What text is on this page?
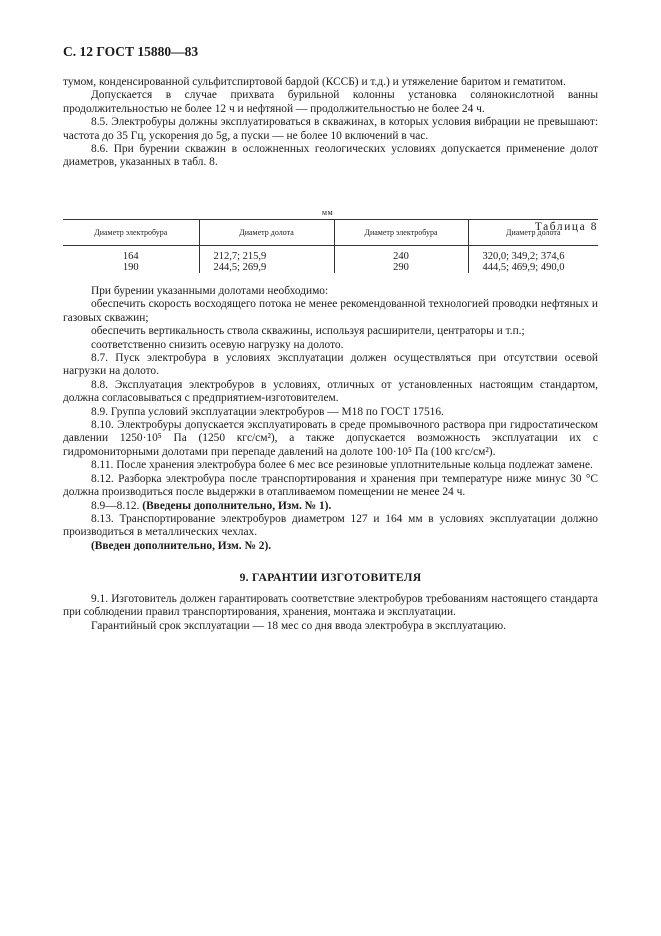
С. 12 ГОСТ 15880—83

тумом, конденсированной сульфитспиртовой бардой (КССБ) и т.д.) и утяжеление баритом и гематитом.

Допускается в случае прихвата бурильной колонны установка солянокислотной ванны продолжительностью не более 12 ч и нефтяной — продолжительностью не более 24 ч.

8.5. Электробуры должны эксплуатироваться в скважинах, в которых условия вибрации не превышают: частота до 35 Гц, ускорения до 5g, а пуски — не более 10 включений в час.

8.6. При бурении скважин в осложненных геологических условиях допускается применение долот диаметров, указанных в табл. 8.

Таблица 8
мм
Диаметр электробура	Диаметр долота	Диаметр электробура	Диаметр долота
164	212,7; 215,9	240	320,0; 349,2; 374,6
190	244,5; 269,9	290	444,5; 469,9; 490,0

При бурении указанными долотами необходимо:

обеспечить скорость восходящего потока не менее рекомендованной технологией проводки нефтяных и газовых скважин;

обеспечить вертикальность ствола скважины, используя расширители, центраторы и т.п.;

соответственно снизить осевую нагрузку на долото.

8.7. Пуск электробура в условиях эксплуатации должен осуществляться при отсутствии осевой нагрузки на долото.

8.8. Эксплуатация электробуров в условиях, отличных от установленных настоящим стандартом, должна согласовываться с предприятием-изготовителем.

8.9. Группа условий эксплуатации электробуров — М18 по ГОСТ 17516.

8.10. Электробуры допускается эксплуатировать в среде промывочного раствора при гидростатическом давлении 1250·10⁵ Па (1250 кгс/см²), а также допускается возможность эксплуатации их с гидромониторными долотами при перепаде давлений на долоте 100·10⁵ Па (100 кгс/см²).

8.11. После хранения электробура более 6 мес все резиновые уплотнительные кольца подлежат замене.

8.12. Разборка электробура после транспортирования и хранения при температуре ниже минус 30 °С должна производиться после выдержки в отапливаемом помещении не менее 24 ч.

8.9—8.12. (Введены дополнительно, Изм. № 1).

8.13. Транспортирование электробуров диаметром 127 и 164 мм в условиях эксплуатации должно производиться в металлических чехлах.

(Введен дополнительно, Изм. № 2).

9. ГАРАНТИИ ИЗГОТОВИТЕЛЯ

9.1. Изготовитель должен гарантировать соответствие электробуров требованиям настоящего стандарта при соблюдении правил транспортирования, хранения, монтажа и эксплуатации.

Гарантийный срок эксплуатации — 18 мес со дня ввода электробура в эксплуатацию.
